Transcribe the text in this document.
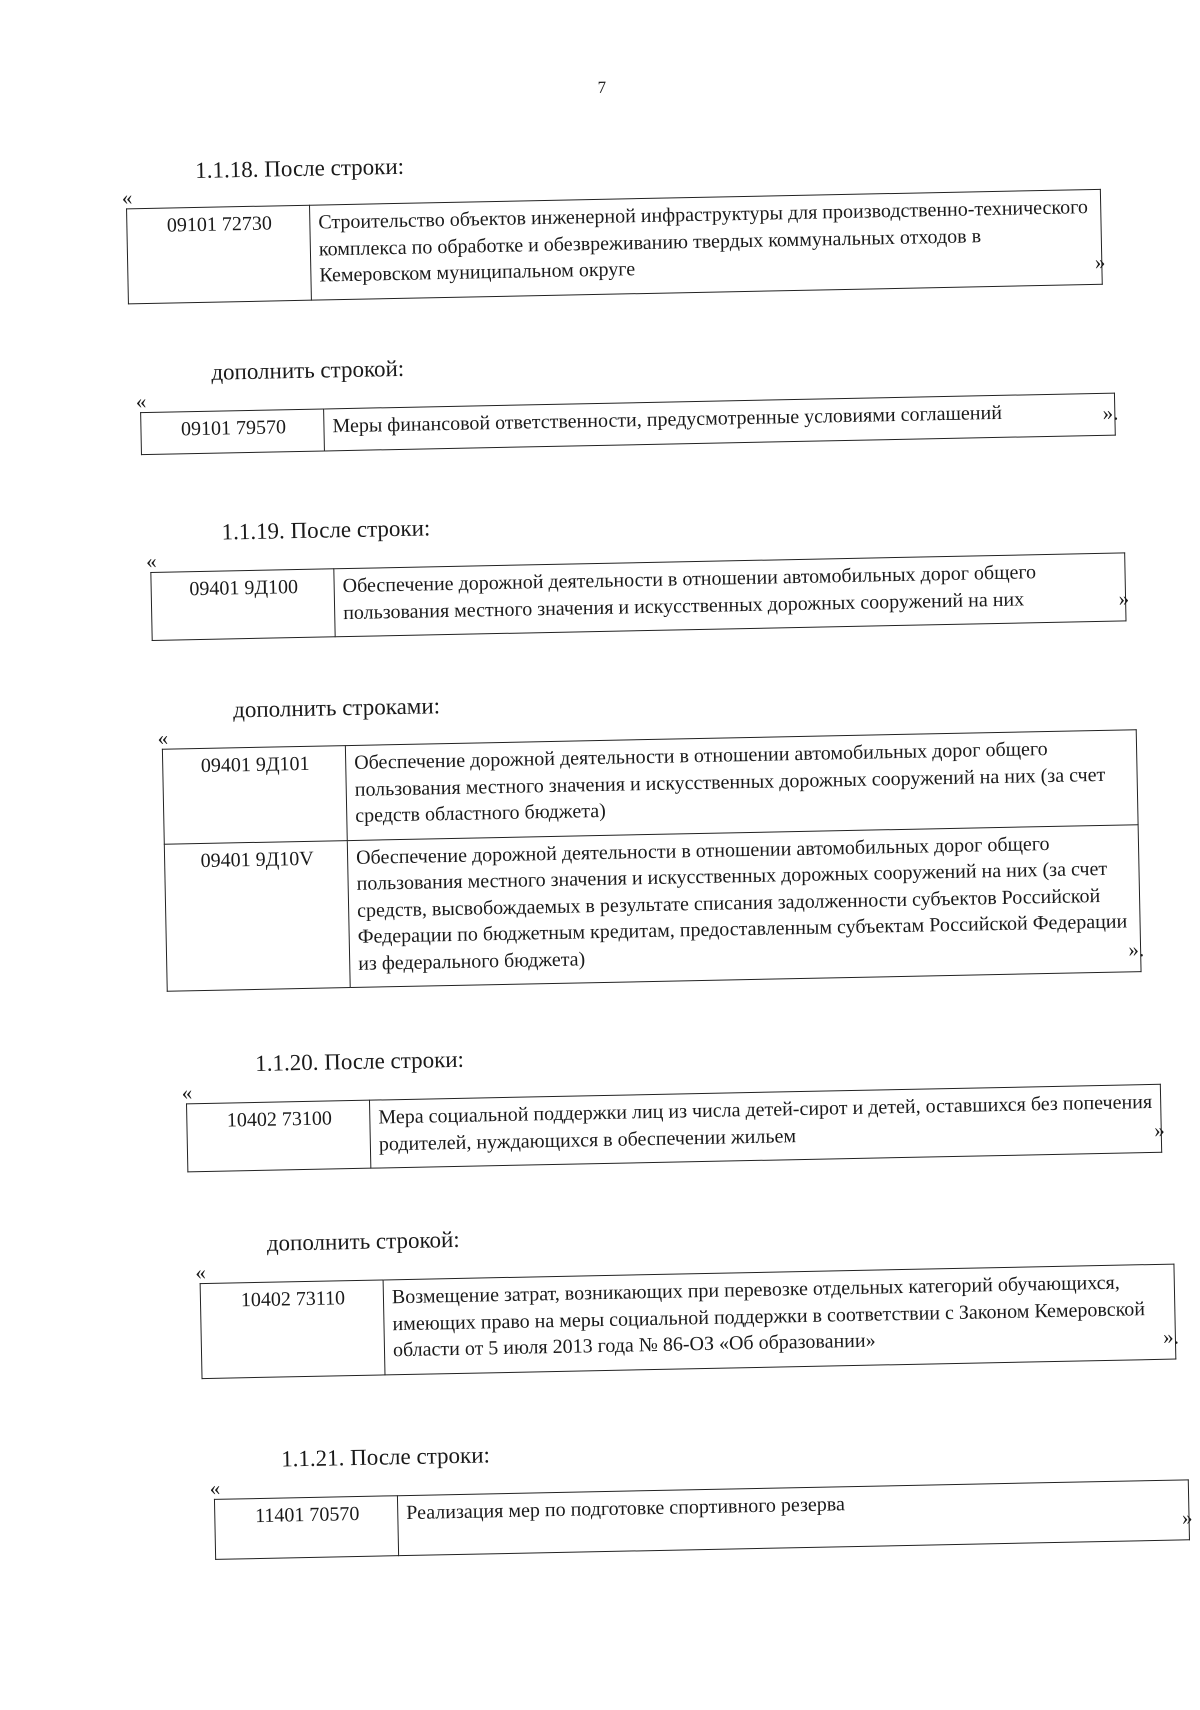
7
1.1.18. После строки:
«
09101 72730	Строительство объектов инженерной инфраструктуры для производственно-технического комплекса по обработке и обезвреживанию твердых коммунальных отходов в Кемеровском муниципальном округе	»
дополнить строкой:
«
09101 79570	Меры финансовой ответственности, предусмотренные условиями соглашений	».
1.1.19. После строки:
«
09401 9Д100	Обеспечение дорожной деятельности в отношении автомобильных дорог общего пользования местного значения и искусственных дорожных сооружений на них	»
дополнить строками:
«
09401 9Д101	Обеспечение дорожной деятельности в отношении автомобильных дорог общего пользования местного значения и искусственных дорожных сооружений на них (за счет средств областного бюджета)
09401 9Д10V	Обеспечение дорожной деятельности в отношении автомобильных дорог общего пользования местного значения и искусственных дорожных сооружений на них (за счет средств, высвобождаемых в результате списания задолженности субъектов Российской Федерации по бюджетным кредитам, предоставленным субъектам Российской Федерации из федерального бюджета)	».
1.1.20. После строки:
«
10402 73100	Мера социальной поддержки лиц из числа детей-сирот и детей, оставшихся без попечения родителей, нуждающихся в обеспечении жильем	»
дополнить строкой:
«
10402 73110	Возмещение затрат, возникающих при перевозке отдельных категорий обучающихся, имеющих право на меры социальной поддержки в соответствии с Законом Кемеровской области от 5 июля 2013 года № 86-ОЗ «Об образовании»	».
1.1.21. После строки:
«
11401 70570	Реализация мер по подготовке спортивного резерва	»
